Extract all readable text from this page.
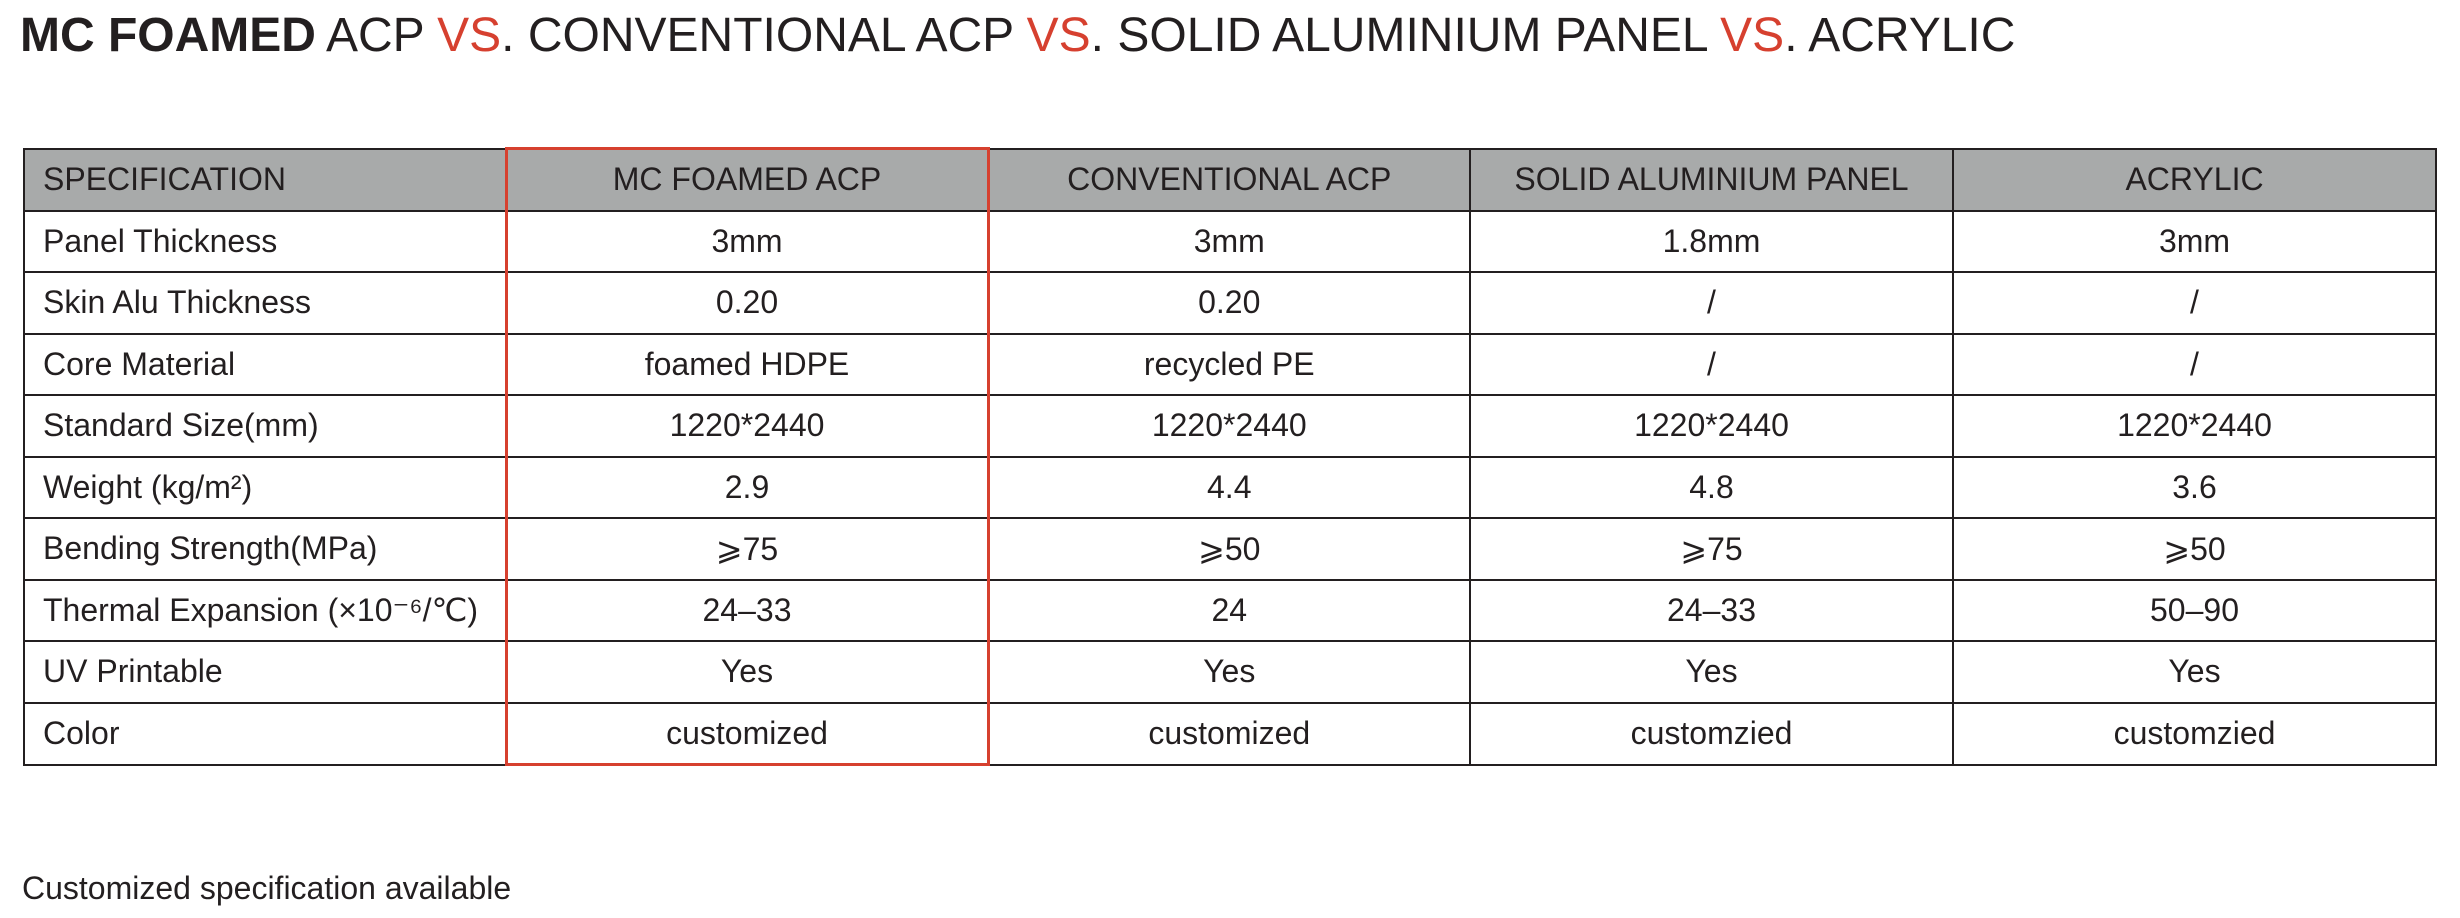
MC FOAMED ACP VS. CONVENTIONAL ACP VS. SOLID ALUMINIUM PANEL VS. ACRYLIC
SPECIFICATION	MC FOAMED ACP	CONVENTIONAL ACP	SOLID ALUMINIUM PANEL	ACRYLIC
Panel Thickness	3mm	3mm	1.8mm	3mm
Skin Alu Thickness	0.20	0.20	/	/
Core Material	foamed HDPE	recycled PE	/	/
Standard Size(mm)	1220*2440	1220*2440	1220*2440	1220*2440
Weight (kg/m²)	2.9	4.4	4.8	3.6
Bending Strength(MPa)	⩾75	⩾50	⩾75	⩾50
Thermal Expansion (×10⁻⁶/℃)	24–33	24	24–33	50–90
UV Printable	Yes	Yes	Yes	Yes
Color	customized	customized	customzied	customzied
Customized specification available
